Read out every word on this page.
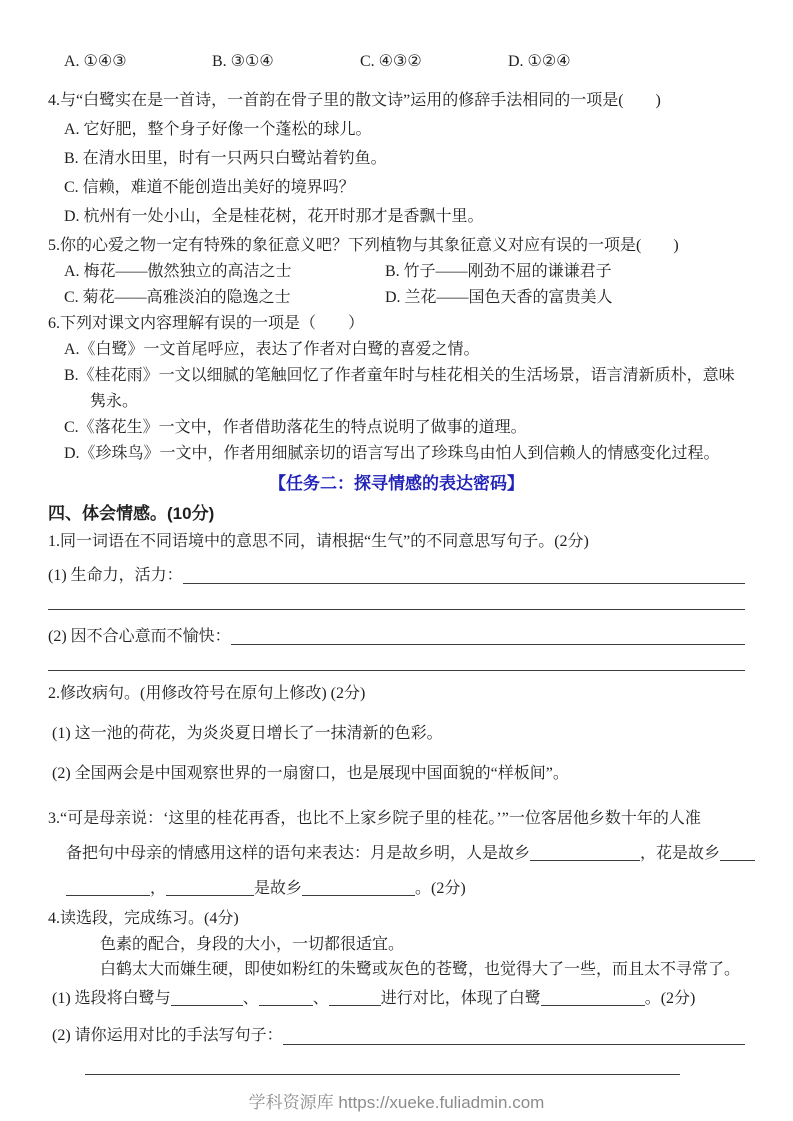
A. ①④③	B. ③①④	C. ④③②	D. ①②④
4.与“白鹭实在是一首诗，一首韵在骨子里的散文诗”运用的修辞手法相同的一项是(　　)
A. 它好肥，整个身子好像一个蓬松的球儿。
B. 在清水田里，时有一只两只白鹭站着钓鱼。
C. 信赖，难道不能创造出美好的境界吗？
D. 杭州有一处小山，全是桂花树，花开时那才是香飘十里。
5.你的心爱之物一定有特殊的象征意义吧？下列植物与其象征意义对应有误的一项是(　　)
A. 梅花——傲然独立的高洁之士	B. 竹子——刚劲不屈的谦谦君子
C. 菊花——高雅淡泊的隐逸之士	D. 兰花——国色天香的富贵美人
6.下列对课文内容理解有误的一项是（　　）
A.《白鹭》一文首尾呼应，表达了作者对白鹭的喜爱之情。
B.《桂花雨》一文以细腻的笔触回忆了作者童年时与桂花相关的生活场景，语言清新质朴，意味隽永。
C.《落花生》一文中，作者借助落花生的特点说明了做事的道理。
D.《珍珠鸟》一文中，作者用细腻亲切的语言写出了珍珠鸟由怕人到信赖人的情感变化过程。
【任务二：探寻情感的表达密码】
四、体会情感。(10分)
1.同一词语在不同语境中的意思不同，请根据“生气”的不同意思写句子。(2分)
(1) 生命力，活力：
(2) 因不合心意而不愉快：
2.修改病句。(用修改符号在原句上修改) (2分)
(1) 这一池的荷花，为炎炎夏日增长了一抹清新的色彩。
(2) 全国两会是中国观察世界的一扇窗口，也是展现中国面貌的“样板间”。
3.“可是母亲说：‘这里的桂花再香，也比不上家乡院子里的桂花。’”一位客居他乡数十年的人准
备把句中母亲的情感用这样的语句来表达：月是故乡明，人是故乡	，花是故乡
，	是故乡	。(2分)
4.读选段，完成练习。(4分)
色素的配合，身段的大小，一切都很适宜。
白鹤太大而嫌生硬，即使如粉红的朱鹭或灰色的苍鹭，也觉得大了一些，而且太不寻常了。
(1) 选段将白鹭与	、	、	进行对比，体现了白鹭	。(2分)
(2) 请你运用对比的手法写句子：
学科资源库 https://xueke.fuliadmin.com
